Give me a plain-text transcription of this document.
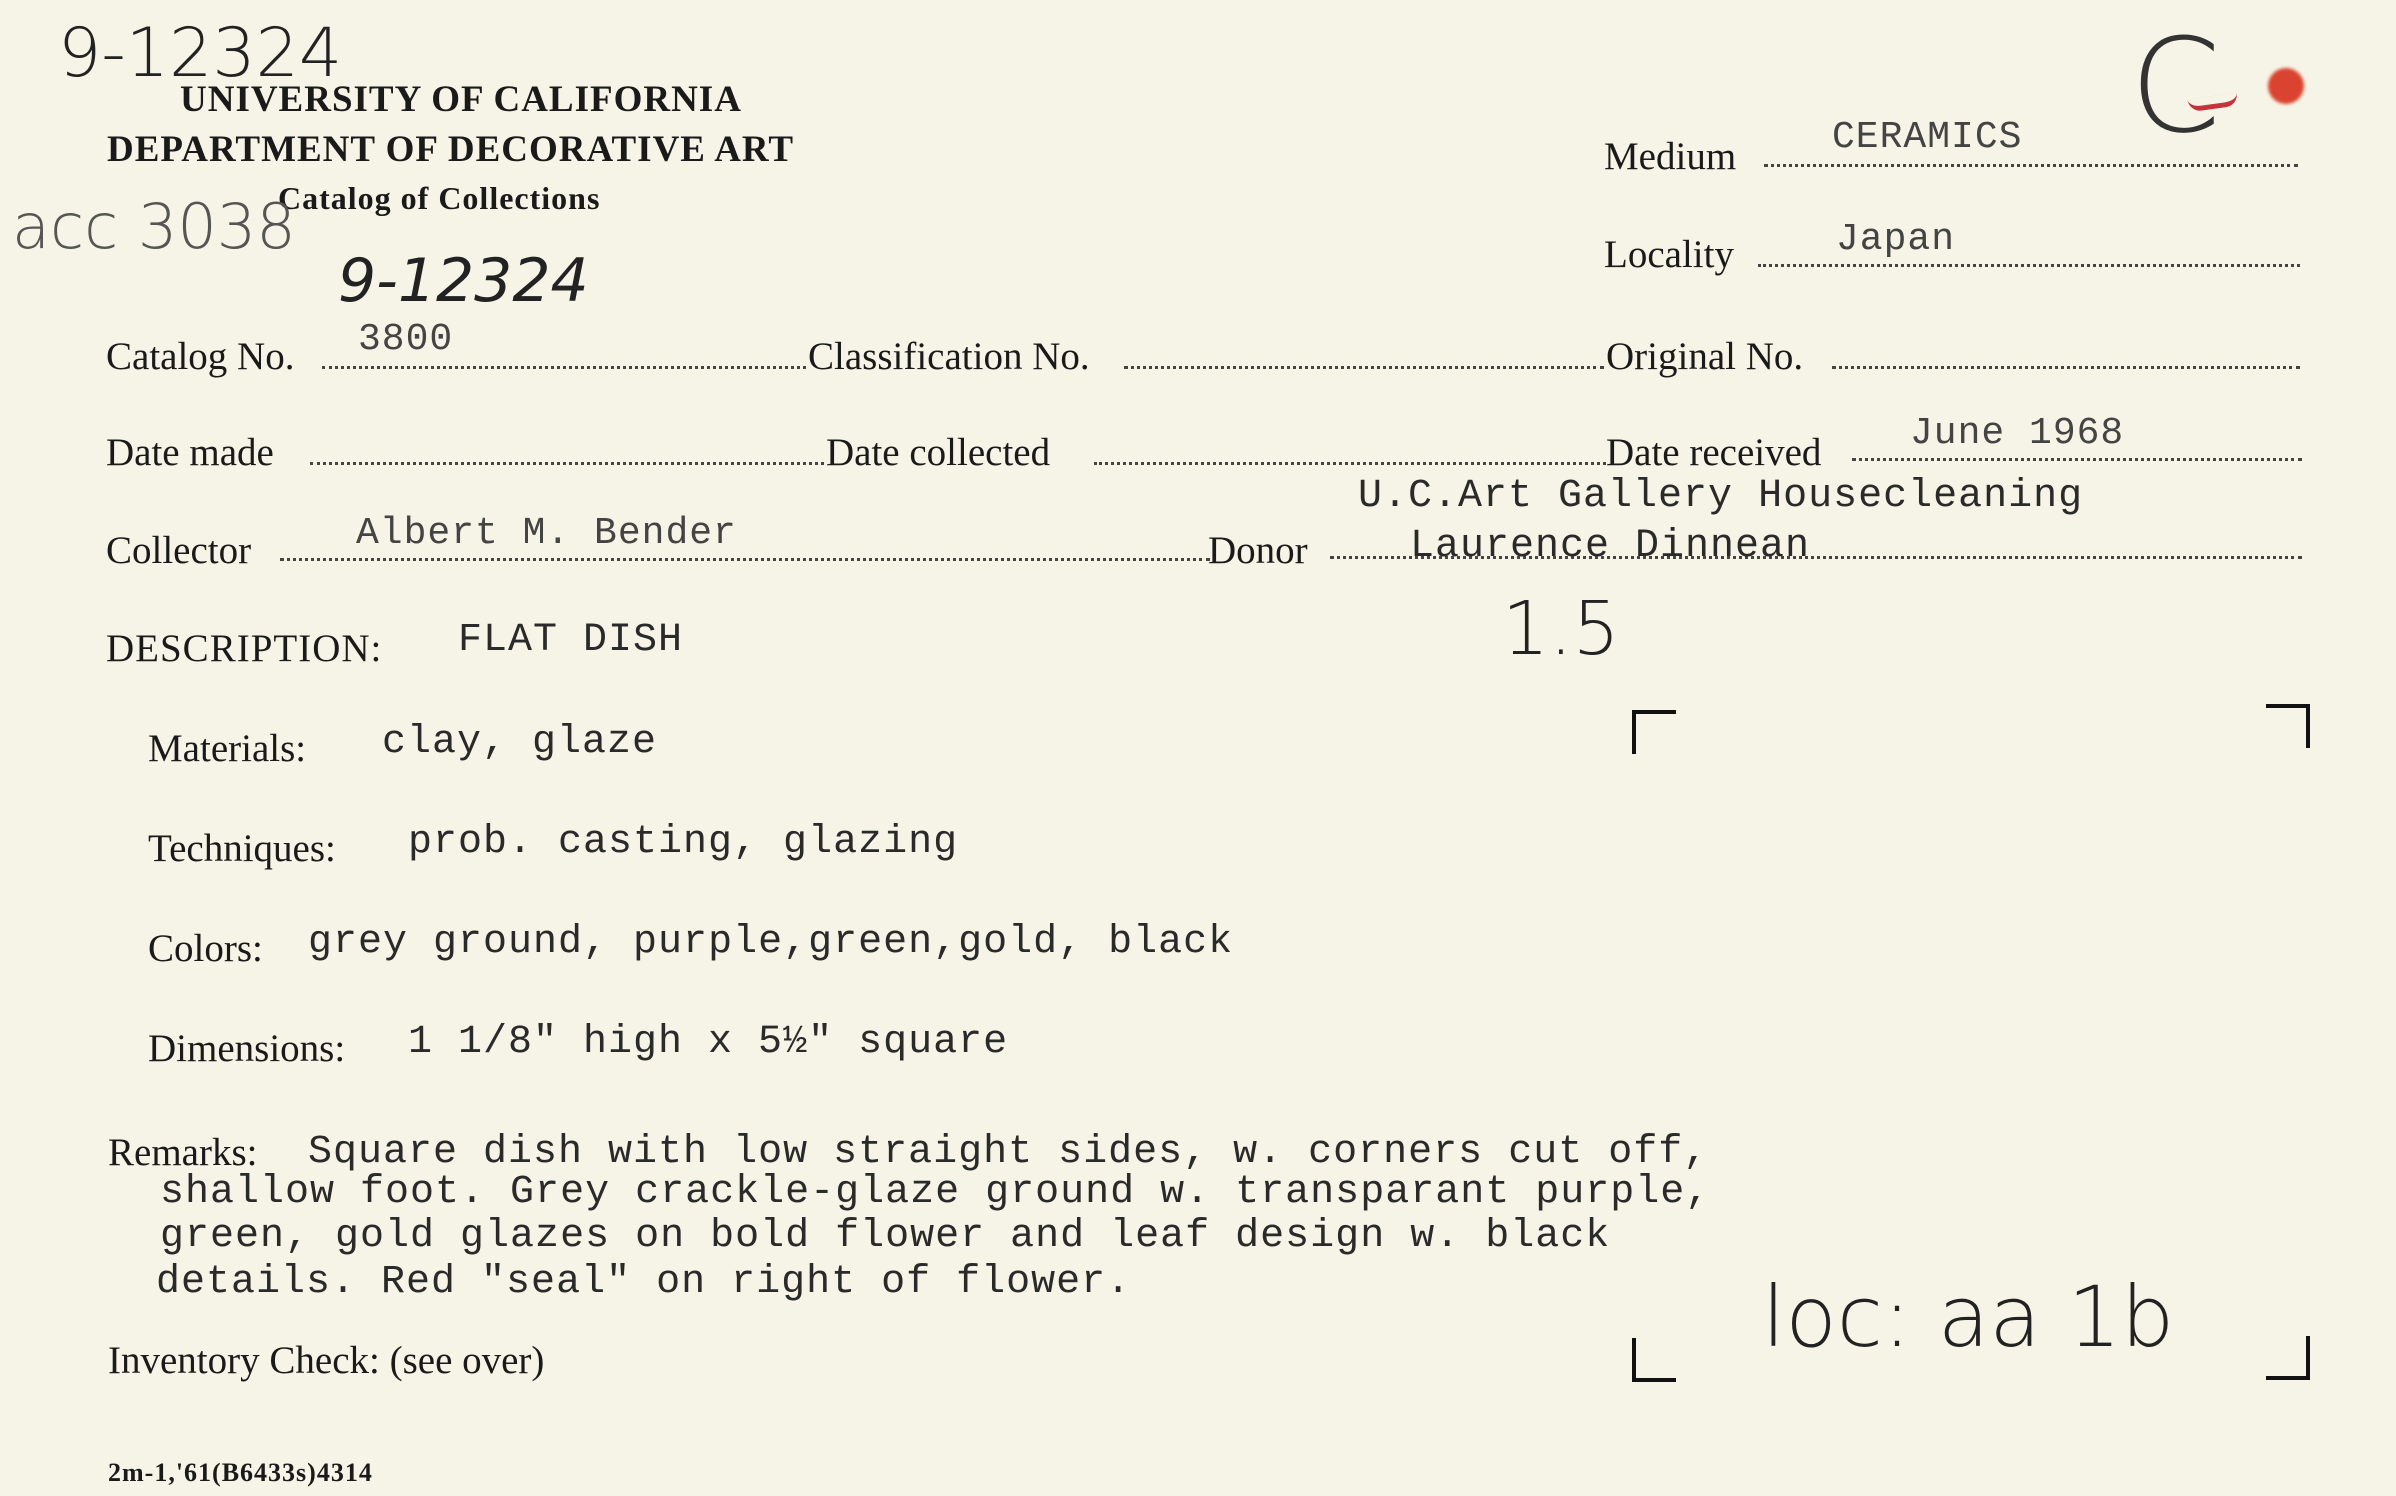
9-12324
UNIVERSITY OF CALIFORNIA
DEPARTMENT OF DECORATIVE ART
Catalog of Collections
acc 3038
9-12324
C
Medium	CERAMICS
Locality	Japan
Catalog No. 3800	Classification No.	Original No.
Date made	Date collected	Date received June 1968
Collector	Albert M. Bender	Donor
U.C.Art Gallery Housecleaning
Laurence Dinnean
1.5
DESCRIPTION: FLAT DISH
Materials: clay, glaze
Techniques: prob. casting, glazing
Colors: grey ground, purple,green,gold, black
Dimensions: 1 1/8" high x 5½" square
Remarks: Square dish with low straight sides, w. corners cut off,
shallow foot. Grey crackle-glaze ground w. transparant purple,
green, gold glazes on bold flower and leaf design w. black
details. Red "seal" on right of flower.
Inventory Check: (see over)	loc: aa 1b
2m-1,'61(B6433s)4314
